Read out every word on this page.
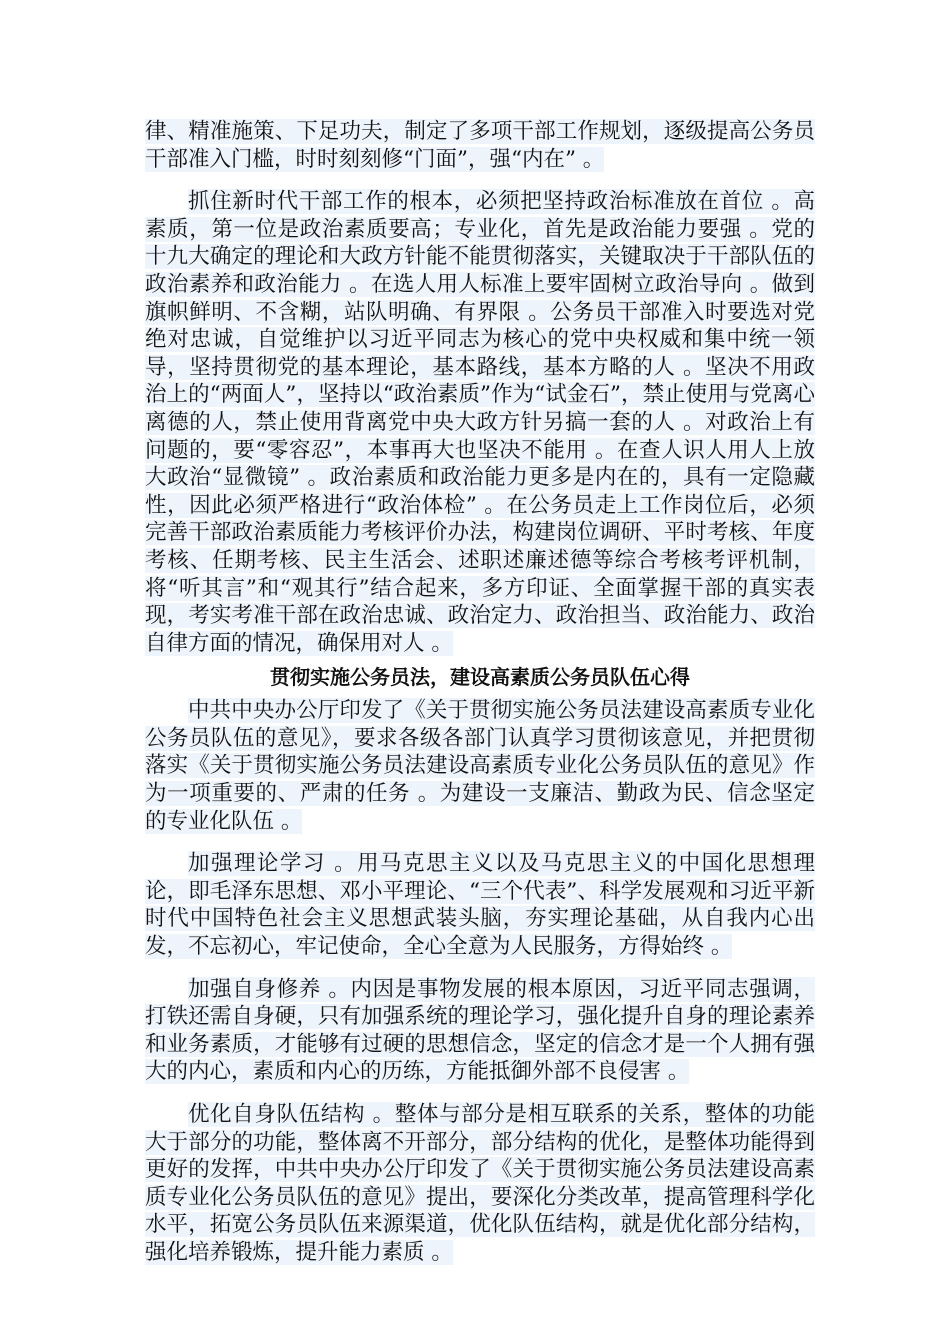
律、精准施策、下足功夫，制定了多项干部工作规划，逐级提高公务员干部准入门槛，时时刻刻修“门面”，强“内在” 。

抓住新时代干部工作的根本，必须把坚持政治标准放在首位 。高素质，第一位是政治素质要高；专业化，首先是政治能力要强 。党的十九大确定的理论和大政方针能不能贯彻落实，关键取决于干部队伍的政治素养和政治能力 。在选人用人标准上要牢固树立政治导向 。做到旗帜鲜明、不含糊，站队明确、有界限 。公务员干部准入时要选对党绝对忠诚，自觉维护以习近平同志为核心的党中央权威和集中统一领导，坚持贯彻党的基本理论，基本路线，基本方略的人 。坚决不用政治上的“两面人”，坚持以“政治素质”作为“试金石”，禁止使用与党离心离德的人，禁止使用背离党中央大政方针另搞一套的人 。对政治上有问题的，要“零容忍”，本事再大也坚决不能用 。在查人识人用人上放大政治“显微镜” 。政治素质和政治能力更多是内在的，具有一定隐藏性，因此必须严格进行“政治体检” 。在公务员走上工作岗位后，必须完善干部政治素质能力考核评价办法，构建岗位调研、平时考核、年度考核、任期考核、民主生活会、述职述廉述德等综合考核考评机制，将“听其言”和“观其行”结合起来，多方印证、全面掌握干部的真实表现，考实考准干部在政治忠诚、政治定力、政治担当、政治能力、政治自律方面的情况，确保用对人 。

贯彻实施公务员法，建设高素质公务员队伍心得

中共中央办公厅印发了《关于贯彻实施公务员法建设高素质专业化公务员队伍的意见》，要求各级各部门认真学习贯彻该意见，并把贯彻落实《关于贯彻实施公务员法建设高素质专业化公务员队伍的意见》作为一项重要的、严肃的任务 。为建设一支廉洁、勤政为民、信念坚定的专业化队伍 。

加强理论学习 。用马克思主义以及马克思主义的中国化思想理论，即毛泽东思想、邓小平理论、“三个代表”、科学发展观和习近平新时代中国特色社会主义思想武装头脑，夯实理论基础，从自我内心出发，不忘初心，牢记使命，全心全意为人民服务，方得始终 。

加强自身修养 。内因是事物发展的根本原因，习近平同志强调，打铁还需自身硬，只有加强系统的理论学习，强化提升自身的理论素养和业务素质，才能够有过硬的思想信念，坚定的信念才是一个人拥有强大的内心，素质和内心的历练，方能抵御外部不良侵害 。

优化自身队伍结构 。整体与部分是相互联系的关系，整体的功能大于部分的功能，整体离不开部分，部分结构的优化，是整体功能得到更好的发挥，中共中央办公厅印发了《关于贯彻实施公务员法建设高素质专业化公务员队伍的意见》提出，要深化分类改革，提高管理科学化水平，拓宽公务员队伍来源渠道，优化队伍结构，就是优化部分结构，强化培养锻炼，提升能力素质 。
